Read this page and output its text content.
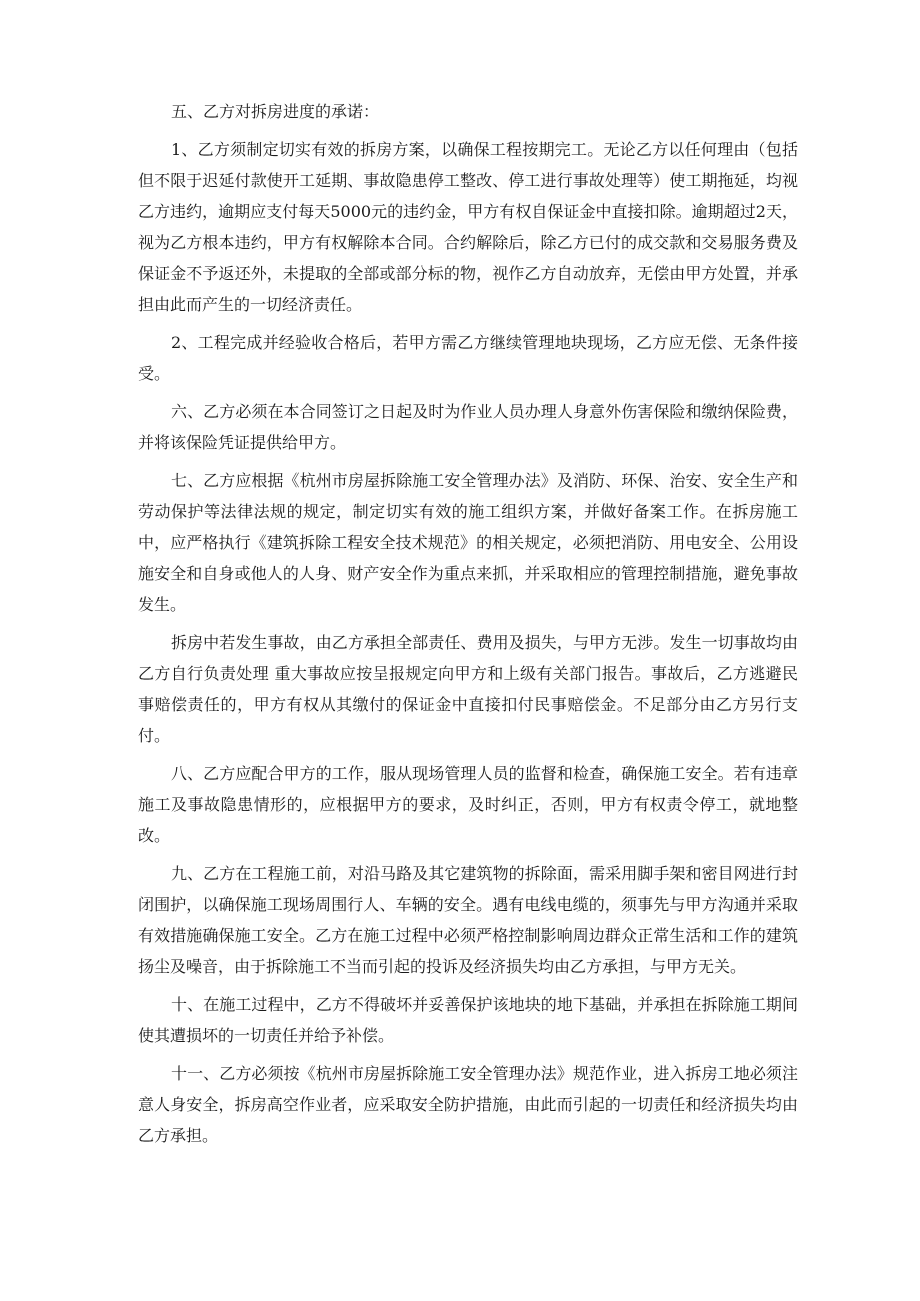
五、乙方对拆房进度的承诺：

1、乙方须制定切实有效的拆房方案，以确保工程按期完工。无论乙方以任何理由（包括但不限于迟延付款使开工延期、事故隐患停工整改、停工进行事故处理等）使工期拖延，均视乙方违约，逾期应支付每天5000元的违约金，甲方有权自保证金中直接扣除。逾期超过2天，视为乙方根本违约，甲方有权解除本合同。合约解除后，除乙方已付的成交款和交易服务费及保证金不予返还外，未提取的全部或部分标的物，视作乙方自动放弃，无偿由甲方处置，并承担由此而产生的一切经济责任。

2、工程完成并经验收合格后，若甲方需乙方继续管理地块现场，乙方应无偿、无条件接受。

六、乙方必须在本合同签订之日起及时为作业人员办理人身意外伤害保险和缴纳保险费，并将该保险凭证提供给甲方。

七、乙方应根据《杭州市房屋拆除施工安全管理办法》及消防、环保、治安、安全生产和劳动保护等法律法规的规定，制定切实有效的施工组织方案，并做好备案工作。在拆房施工中，应严格执行《建筑拆除工程安全技术规范》的相关规定，必须把消防、用电安全、公用设施安全和自身或他人的人身、财产安全作为重点来抓，并采取相应的管理控制措施，避免事故发生。

拆房中若发生事故，由乙方承担全部责任、费用及损失，与甲方无涉。发生一切事故均由乙方自行负责处理 重大事故应按呈报规定向甲方和上级有关部门报告。事故后，乙方逃避民事赔偿责任的，甲方有权从其缴付的保证金中直接扣付民事赔偿金。不足部分由乙方另行支付。

八、乙方应配合甲方的工作，服从现场管理人员的监督和检查，确保施工安全。若有违章施工及事故隐患情形的，应根据甲方的要求，及时纠正，否则，甲方有权责令停工，就地整改。

九、乙方在工程施工前，对沿马路及其它建筑物的拆除面，需采用脚手架和密目网进行封闭围护，以确保施工现场周围行人、车辆的安全。遇有电线电缆的，须事先与甲方沟通并采取有效措施确保施工安全。乙方在施工过程中必须严格控制影响周边群众正常生活和工作的建筑扬尘及噪音，由于拆除施工不当而引起的投诉及经济损失均由乙方承担，与甲方无关。

十、在施工过程中，乙方不得破坏并妥善保护该地块的地下基础，并承担在拆除施工期间使其遭损坏的一切责任并给予补偿。

十一、乙方必须按《杭州市房屋拆除施工安全管理办法》规范作业，进入拆房工地必须注意人身安全，拆房高空作业者，应采取安全防护措施，由此而引起的一切责任和经济损失均由乙方承担。
